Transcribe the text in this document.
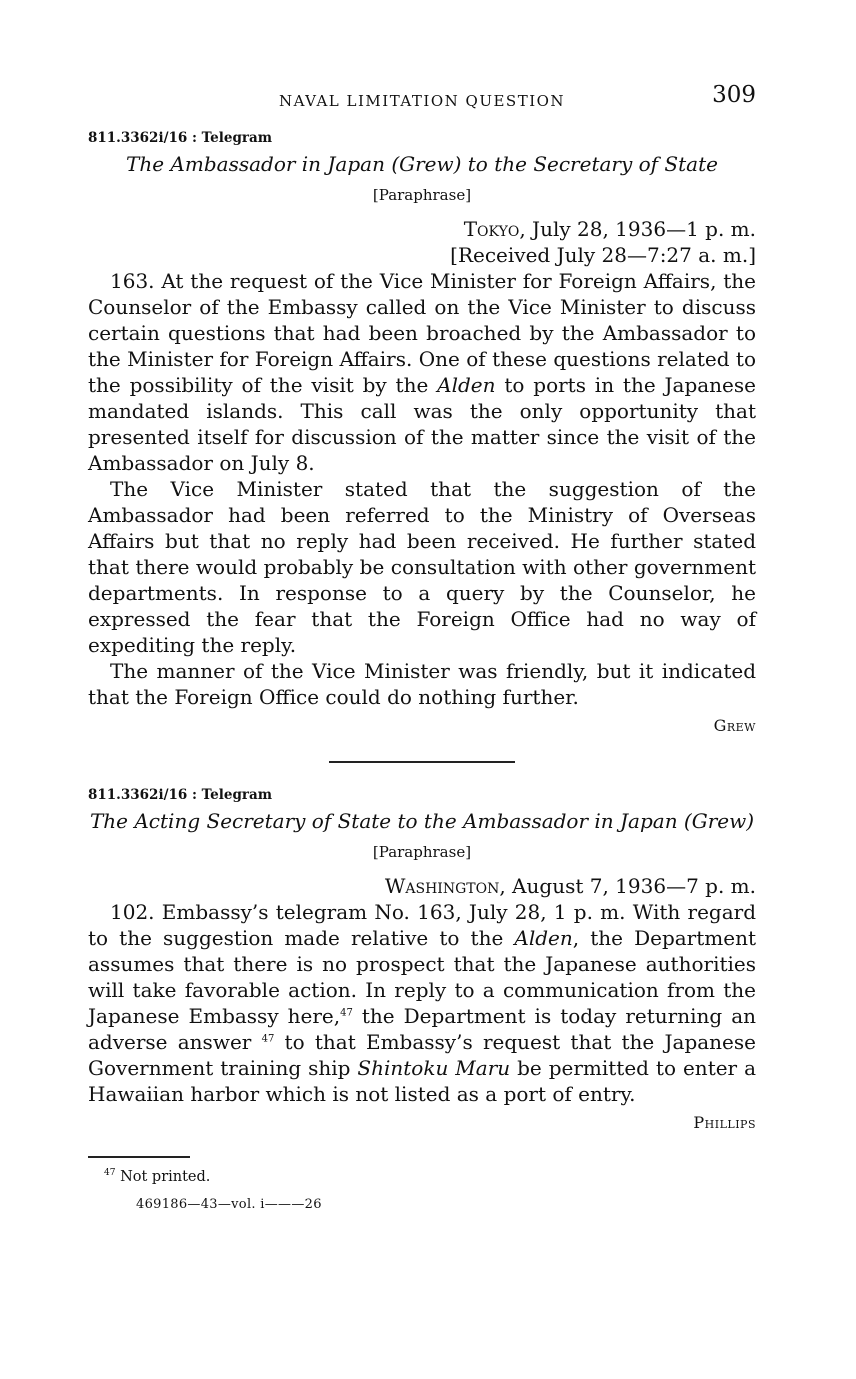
NAVAL LIMITATION QUESTION	309
811.3362i/16 : Telegram
The Ambassador in Japan (Grew) to the Secretary of State
[Paraphrase]
Tokyo, July 28, 1936—1 p. m.
[Received July 28—7:27 a. m.]

163. At the request of the Vice Minister for Foreign Affairs, the Counselor of the Embassy called on the Vice Minister to discuss certain questions that had been broached by the Ambassador to the Minister for Foreign Affairs. One of these questions related to the possibility of the visit by the Alden to ports in the Japanese mandated islands. This call was the only opportunity that presented itself for discussion of the matter since the visit of the Ambassador on July 8.

The Vice Minister stated that the suggestion of the Ambassador had been referred to the Ministry of Overseas Affairs but that no reply had been received. He further stated that there would probably be consultation with other government departments. In response to a query by the Counselor, he expressed the fear that the Foreign Office had no way of expediting the reply.

The manner of the Vice Minister was friendly, but it indicated that the Foreign Office could do nothing further.

Grew
811.3362i/16 : Telegram
The Acting Secretary of State to the Ambassador in Japan (Grew)
[Paraphrase]
Washington, August 7, 1936—7 p. m.

102. Embassy’s telegram No. 163, July 28, 1 p. m. With regard to the suggestion made relative to the Alden, the Department assumes that there is no prospect that the Japanese authorities will take favorable action. In reply to a communication from the Japanese Embassy here,$^{47}$ the Department is today returning an adverse answer $^{47}$ to that Embassy’s request that the Japanese Government training ship Shintoku Maru be permitted to enter a Hawaiian harbor which is not listed as a port of entry.

Phillips
$^{47}$ Not printed.
469186—43—vol. i———26
